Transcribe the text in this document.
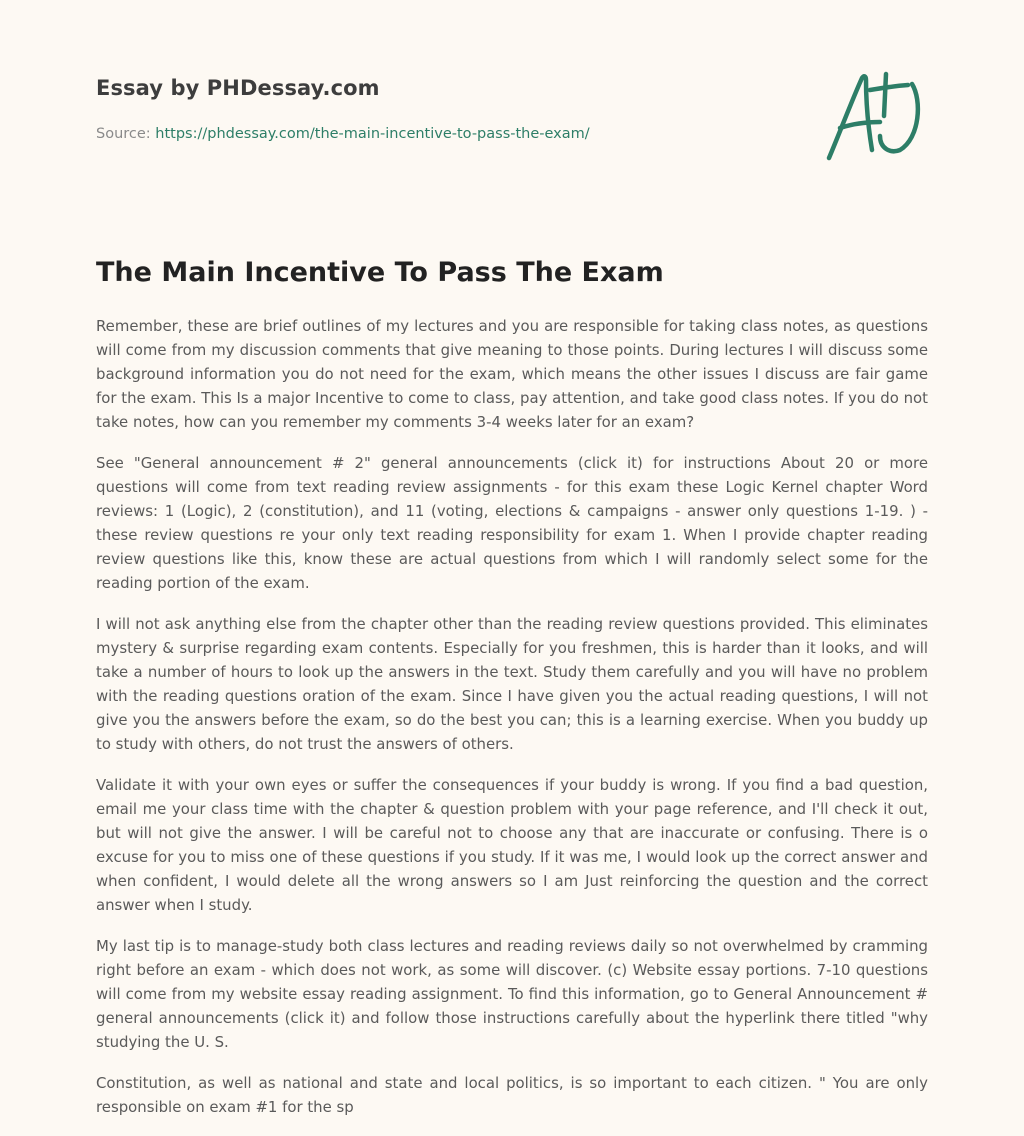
Essay by PHDessay.com
Source: https://phdessay.com/the-main-incentive-to-pass-the-exam/
The Main Incentive To Pass The Exam

Remember, these are brief outlines of my lectures and you are responsible for taking class notes, as questions will come from my discussion comments that give meaning to those points. During lectures I will discuss some background information you do not need for the exam, which means the other issues I discuss are fair game for the exam. This Is a major Incentive to come to class, pay attention, and take good class notes. If you do not take notes, how can you remember my comments 3-4 weeks later for an exam?

See "General announcement # 2" general announcements (click it) for instructions About 20 or more questions will come from text reading review assignments - for this exam these Logic Kernel chapter Word reviews: 1 (Logic), 2 (constitution), and 11 (voting, elections & campaigns - answer only questions 1-19. ) - these review questions re your only text reading responsibility for exam 1. When I provide chapter reading review questions like this, know these are actual questions from which I will randomly select some for the reading portion of the exam.

I will not ask anything else from the chapter other than the reading review questions provided. This eliminates mystery & surprise regarding exam contents. Especially for you freshmen, this is harder than it looks, and will take a number of hours to look up the answers in the text. Study them carefully and you will have no problem with the reading questions oration of the exam. Since I have given you the actual reading questions, I will not give you the answers before the exam, so do the best you can; this is a learning exercise. When you buddy up to study with others, do not trust the answers of others.

Validate it with your own eyes or suffer the consequences if your buddy is wrong. If you find a bad question, email me your class time with the chapter & question problem with your page reference, and I'll check it out, but will not give the answer. I will be careful not to choose any that are inaccurate or confusing. There is o excuse for you to miss one of these questions if you study. If it was me, I would look up the correct answer and when confident, I would delete all the wrong answers so I am Just reinforcing the question and the correct answer when I study.

My last tip is to manage-study both class lectures and reading reviews daily so not overwhelmed by cramming right before an exam - which does not work, as some will discover. (c) Website essay portions. 7-10 questions will come from my website essay reading assignment. To find this information, go to General Announcement # general announcements (click it) and follow those instructions carefully about the hyperlink there titled "why studying the U. S.

Constitution, as well as national and state and local politics, is so important to each citizen. " You are only responsible on exam #1 for the sp
